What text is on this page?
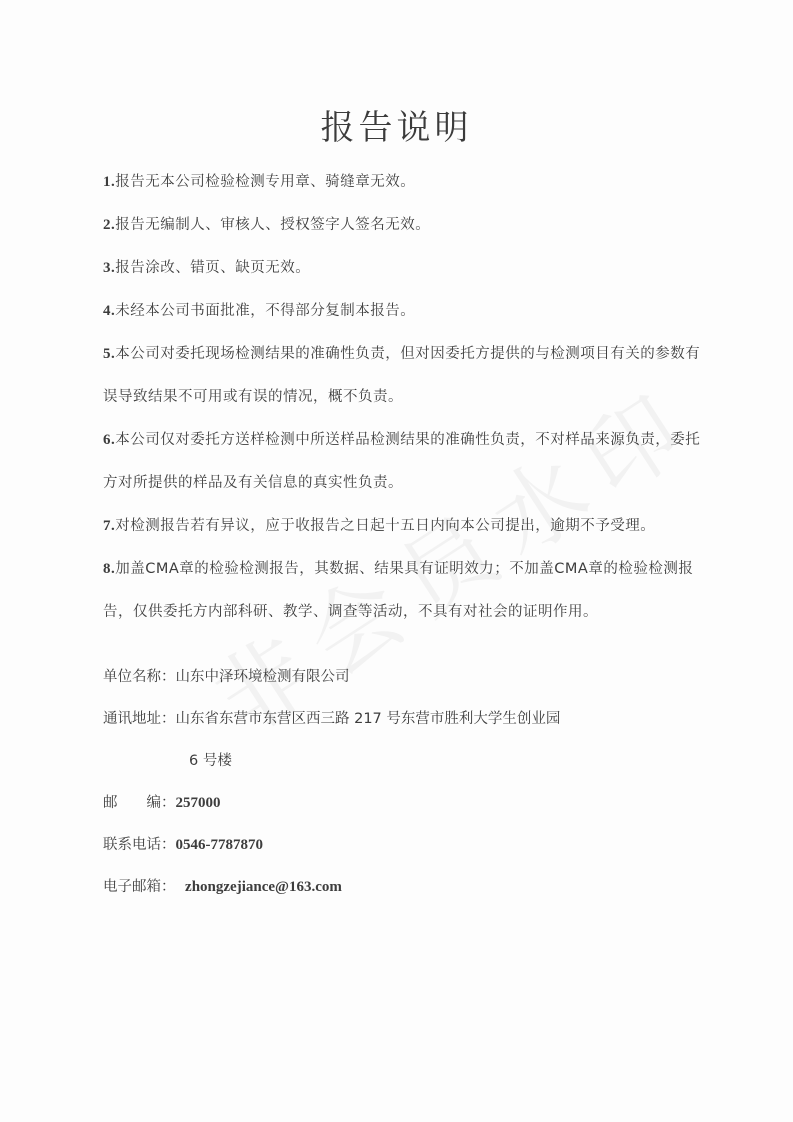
报告说明
1.报告无本公司检验检测专用章、骑缝章无效。
2.报告无编制人、审核人、授权签字人签名无效。
3.报告涂改、错页、缺页无效。
4.未经本公司书面批准，不得部分复制本报告。
5.本公司对委托现场检测结果的准确性负责，但对因委托方提供的与检测项目有关的参数有误导致结果不可用或有误的情况，概不负责。
6.本公司仅对委托方送样检测中所送样品检测结果的准确性负责，不对样品来源负责，委托方对所提供的样品及有关信息的真实性负责。
7.对检测报告若有异议，应于收报告之日起十五日内向本公司提出，逾期不予受理。
8.加盖CMA章的检验检测报告，其数据、结果具有证明效力；不加盖CMA章的检验检测报告，仅供委托方内部科研、教学、调查等活动，不具有对社会的证明作用。
单位名称：山东中泽环境检测有限公司
通讯地址：山东省东营市东营区西三路 217 号东营市胜利大学生创业园
6 号楼
邮　　编：257000
联系电话：0546-7787870
电子邮箱： zhongzejiance@163.com
